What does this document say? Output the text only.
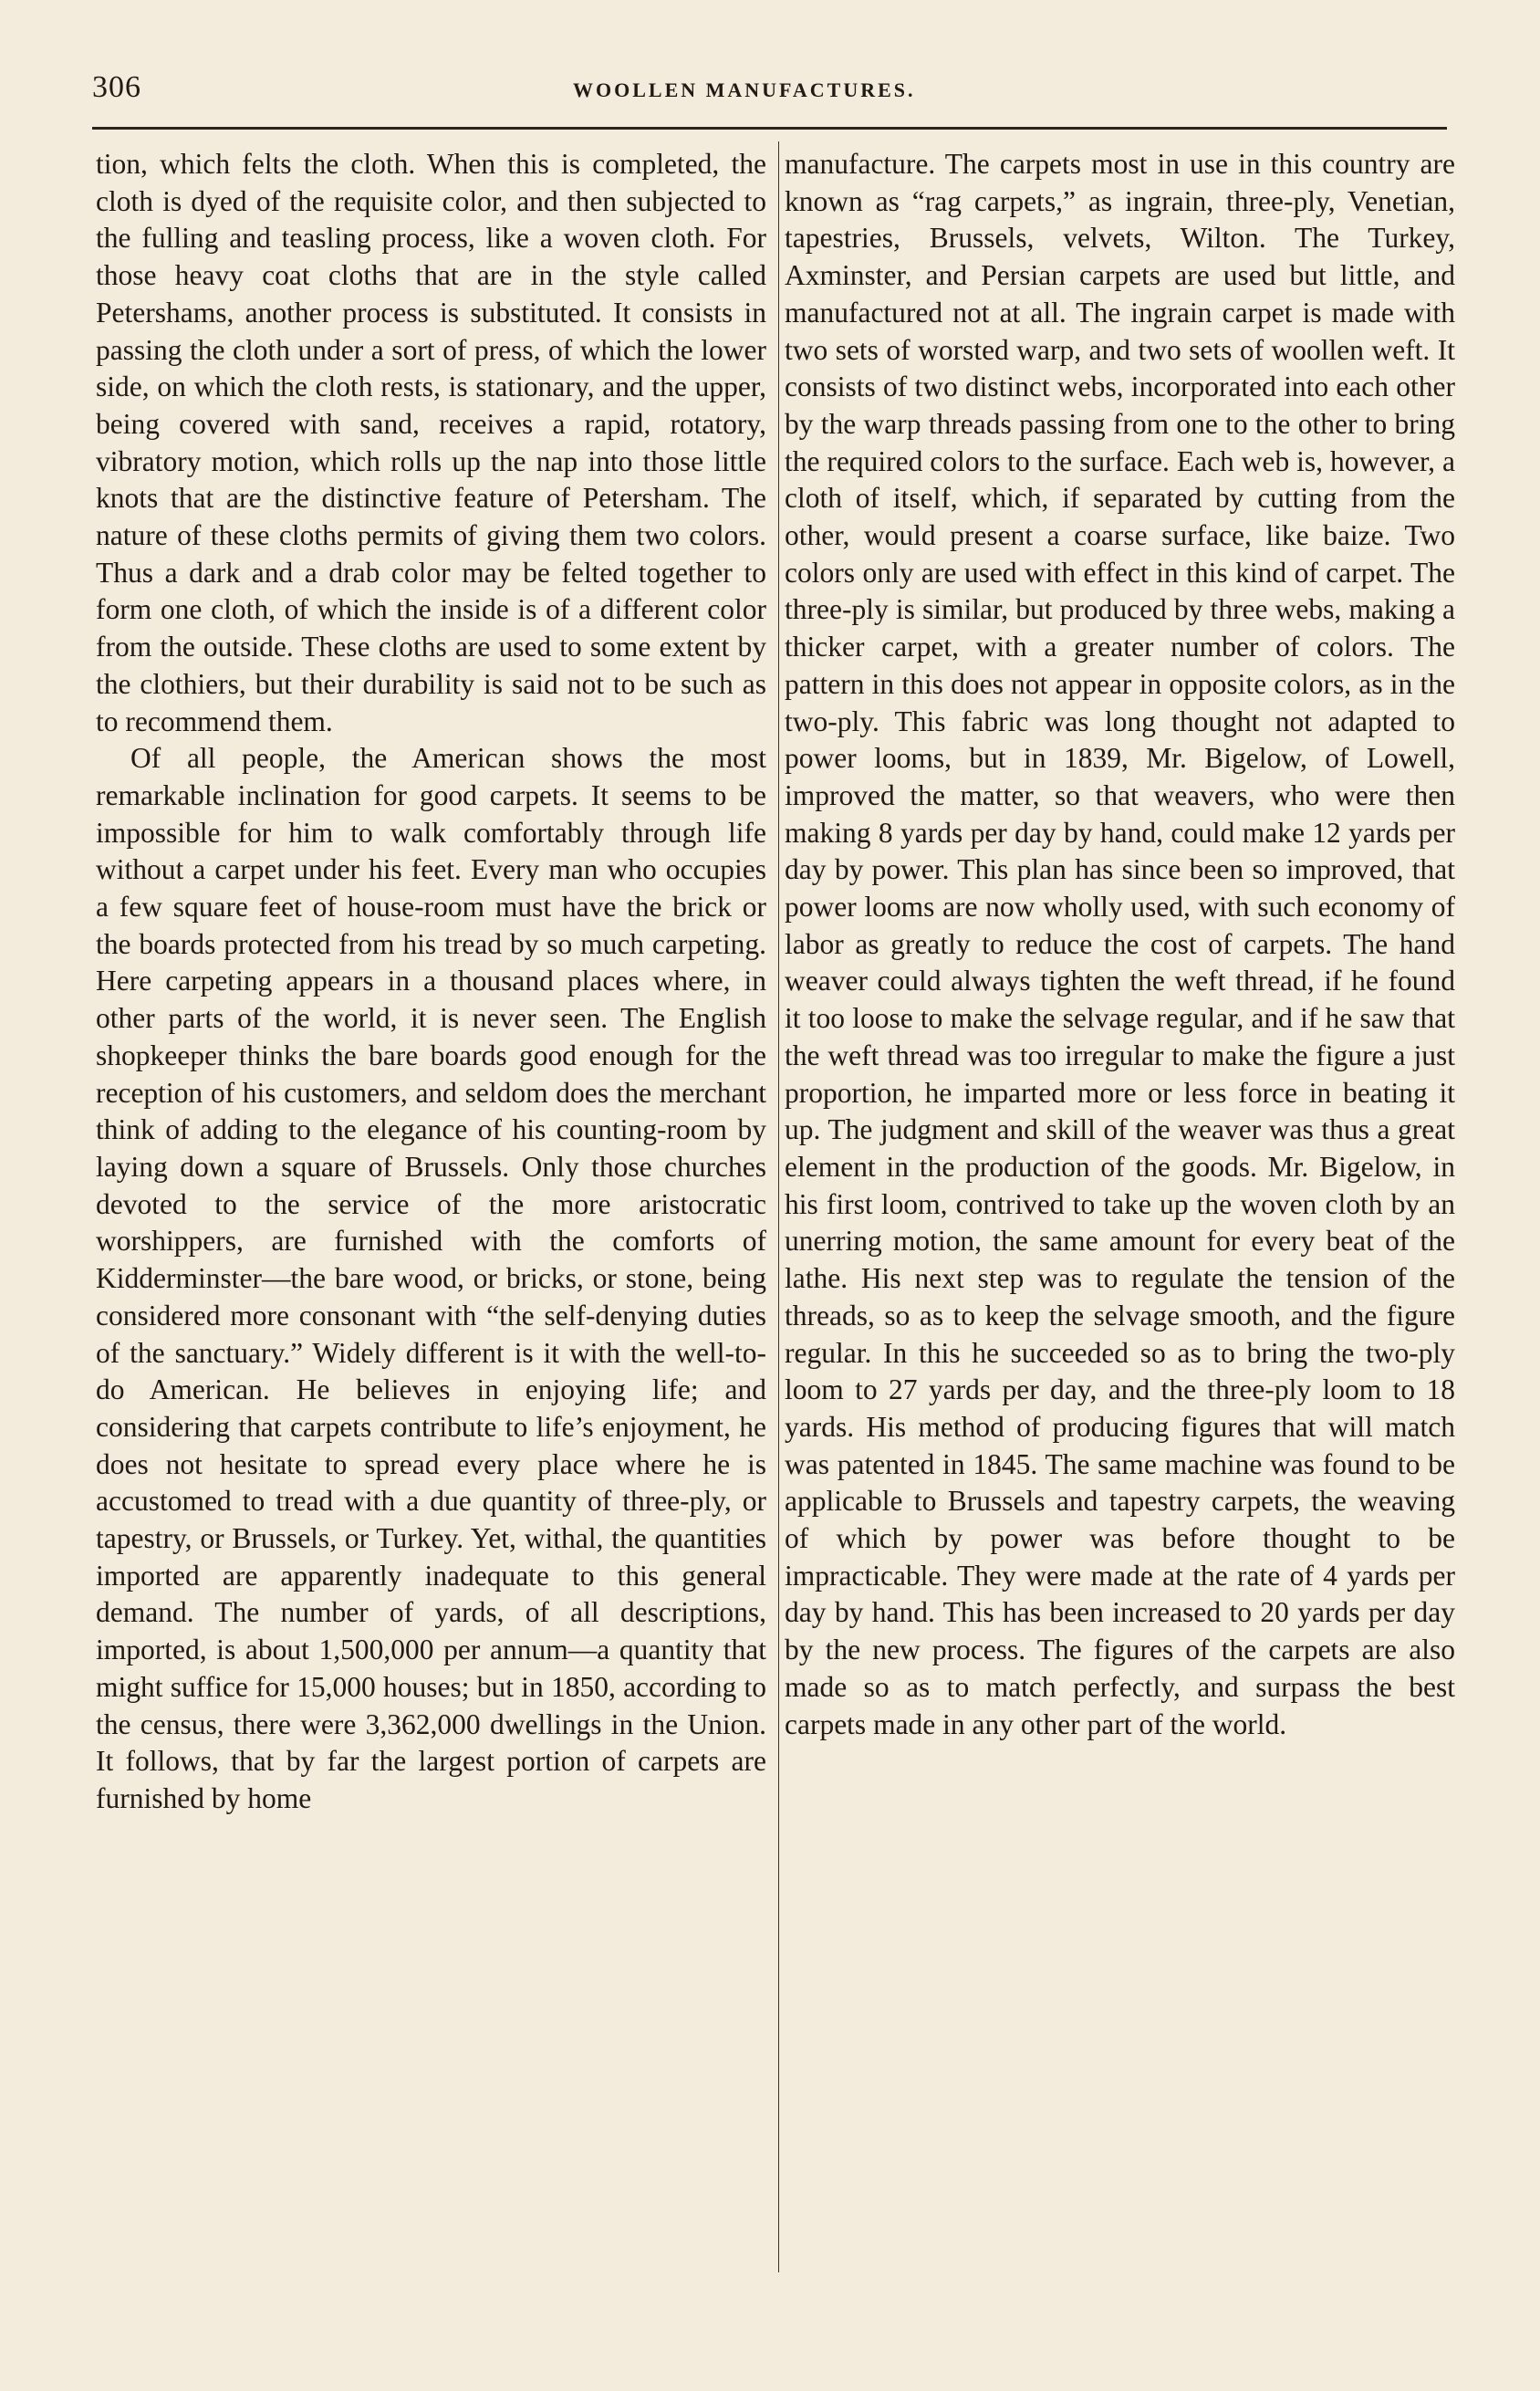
306	WOOLLEN MANUFACTURES.

tion, which felts the cloth. When this is completed, the cloth is dyed of the requisite color, and then subjected to the fulling and teasling process, like a woven cloth. For those heavy coat cloths that are in the style called Petershams, another process is substituted. It consists in passing the cloth under a sort of press, of which the lower side, on which the cloth rests, is stationary, and the upper, being covered with sand, receives a rapid, rotatory, vibratory motion, which rolls up the nap into those little knots that are the distinctive feature of Petersham. The nature of these cloths permits of giving them two colors. Thus a dark and a drab color may be felted together to form one cloth, of which the inside is of a different color from the outside. These cloths are used to some extent by the clothiers, but their durability is said not to be such as to recommend them.

Of all people, the American shows the most remarkable inclination for good carpets. It seems to be impossible for him to walk comfortably through life without a carpet under his feet. Every man who occupies a few square feet of house-room must have the brick or the boards protected from his tread by so much carpeting. Here carpeting appears in a thousand places where, in other parts of the world, it is never seen. The English shopkeeper thinks the bare boards good enough for the reception of his customers, and seldom does the merchant think of adding to the elegance of his counting-room by laying down a square of Brussels. Only those churches devoted to the service of the more aristocratic worshippers, are furnished with the comforts of Kidderminster—the bare wood, or bricks, or stone, being considered more consonant with “the self-denying duties of the sanctuary.” Widely different is it with the well-to-do American. He believes in enjoying life; and considering that carpets contribute to life’s enjoyment, he does not hesitate to spread every place where he is accustomed to tread with a due quantity of three-ply, or tapestry, or Brussels, or Turkey. Yet, withal, the quantities imported are apparently inadequate to this general demand. The number of yards, of all descriptions, imported, is about 1,500,000 per annum—a quantity that might suffice for 15,000 houses; but in 1850, according to the census, there were 3,362,000 dwellings in the Union. It follows, that by far the largest portion of carpets are furnished by home

manufacture. The carpets most in use in this country are known as “rag carpets,” as ingrain, three-ply, Venetian, tapestries, Brussels, velvets, Wilton. The Turkey, Axminster, and Persian carpets are used but little, and manufactured not at all. The ingrain carpet is made with two sets of worsted warp, and two sets of woollen weft. It consists of two distinct webs, incorporated into each other by the warp threads passing from one to the other to bring the required colors to the surface. Each web is, however, a cloth of itself, which, if separated by cutting from the other, would present a coarse surface, like baize. Two colors only are used with effect in this kind of carpet. The three-ply is similar, but produced by three webs, making a thicker carpet, with a greater number of colors. The pattern in this does not appear in opposite colors, as in the two-ply. This fabric was long thought not adapted to power looms, but in 1839, Mr. Bigelow, of Lowell, improved the matter, so that weavers, who were then making 8 yards per day by hand, could make 12 yards per day by power. This plan has since been so improved, that power looms are now wholly used, with such economy of labor as greatly to reduce the cost of carpets. The hand weaver could always tighten the weft thread, if he found it too loose to make the selvage regular, and if he saw that the weft thread was too irregular to make the figure a just proportion, he imparted more or less force in beating it up. The judgment and skill of the weaver was thus a great element in the production of the goods. Mr. Bigelow, in his first loom, contrived to take up the woven cloth by an unerring motion, the same amount for every beat of the lathe. His next step was to regulate the tension of the threads, so as to keep the selvage smooth, and the figure regular. In this he succeeded so as to bring the two-ply loom to 27 yards per day, and the three-ply loom to 18 yards. His method of producing figures that will match was patented in 1845. The same machine was found to be applicable to Brussels and tapestry carpets, the weaving of which by power was before thought to be impracticable. They were made at the rate of 4 yards per day by hand. This has been increased to 20 yards per day by the new process. The figures of the carpets are also made so as to match perfectly, and surpass the best carpets made in any other part of the world.
